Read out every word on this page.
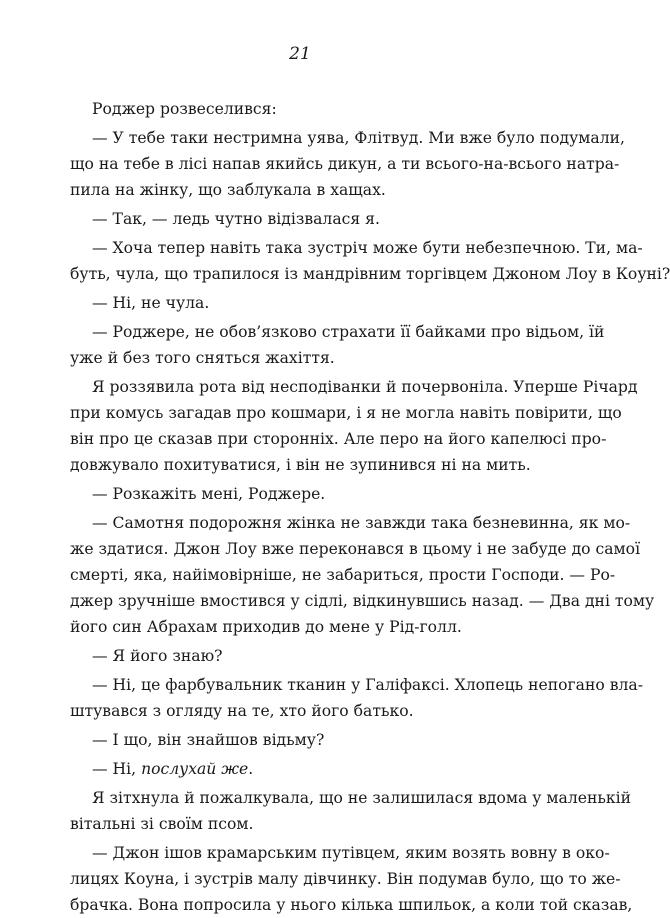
21
Роджер розвеселився:
— У тебе таки нестримна уява, Флітвуд. Ми вже було подумали,
що на тебе в лісі напав якийсь дикун, а ти всього-на-всього натра-
пила на жінку, що заблукала в хащах.
— Так, — ледь чутно відізвалася я.
— Хоча тепер навіть така зустріч може бути небезпечною. Ти, ма-
буть, чула, що трапилося із мандрівним торгівцем Джоном Лоу в Коуні?
— Ні, не чула.
— Роджере, не обов’язково страхати її байками про відьом, їй
уже й без того сняться жахіття.
Я роззявила рота від несподіванки й почервоніла. Уперше Річард
при комусь загадав про кошмари, і я не могла навіть повірити, що
він про це сказав при сторонніх. Але перо на його капелюсі про-
довжувало похитуватися, і він не зупинився ні на мить.
— Розкажіть мені, Роджере.
— Самотня подорожня жінка не завжди така безневинна, як мо-
же здатися. Джон Лоу вже переконався в цьому і не забуде до самої
смерті, яка, найімовірніше, не забариться, прости Господи. — Ро-
джер зручніше вмостився у сідлі, відкинувшись назад. — Два дні тому
його син Абрахам приходив до мене у Рід-голл.
— Я його знаю?
— Ні, це фарбувальник тканин у Галіфаксі. Хлопець непогано вла-
штувався з огляду на те, хто його батько.
— І що, він знайшов відьму?
— Ні, послухай же.
Я зітхнула й пожалкувала, що не залишилася вдома у маленькій
вітальні зі своїм псом.
— Джон ішов крамарським путівцем, яким возять вовну в око-
лицях Коуна, і зустрів малу дівчинку. Він подумав було, що то же-
брачка. Вона попросила у нього кілька шпильок, а коли той сказав,
